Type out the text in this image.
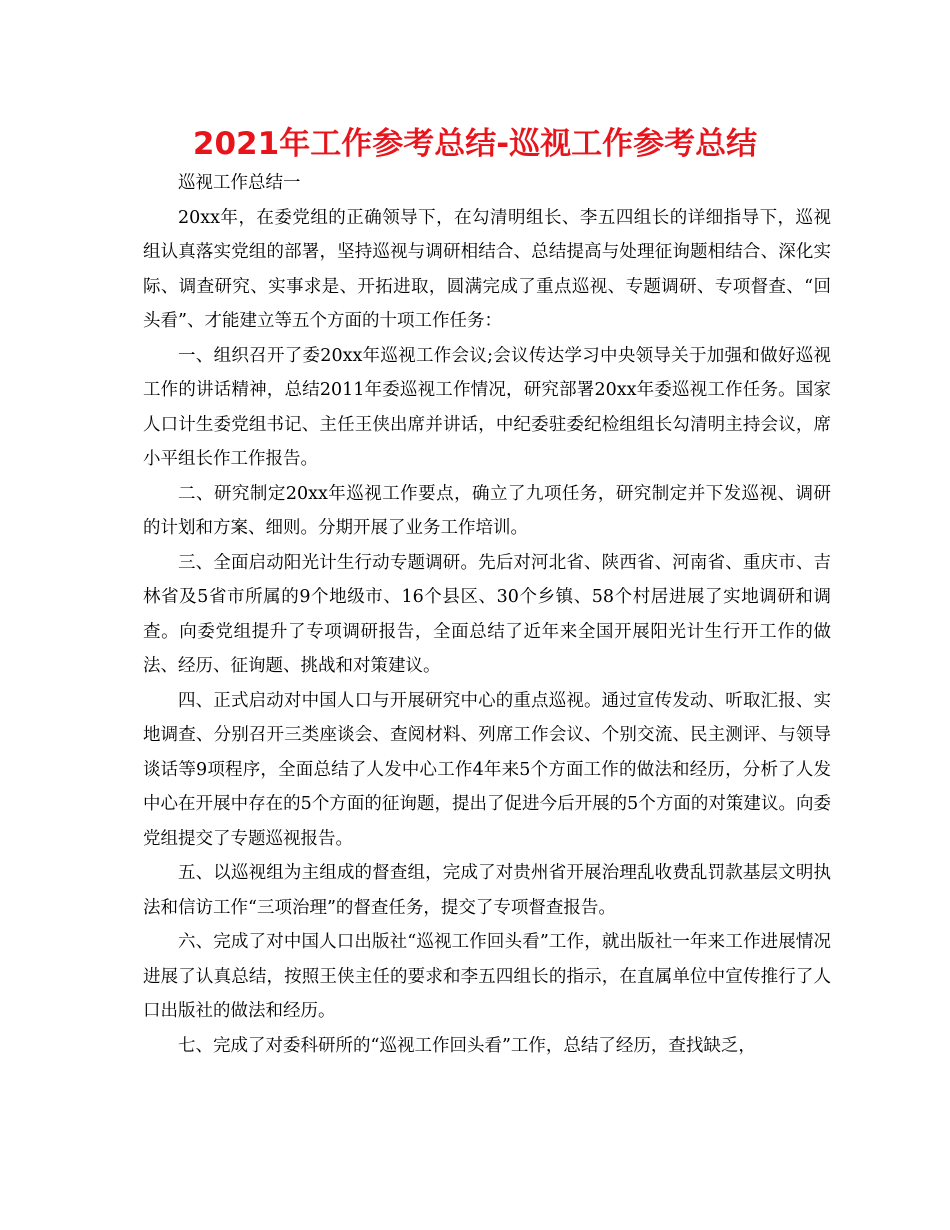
2021年工作参考总结-巡视工作参考总结

巡视工作总结一

20xx年，在委党组的正确领导下，在勾清明组长、李五四组长的详细指导下，巡视组认真落实党组的部署，坚持巡视与调研相结合、总结提高与处理征询题相结合、深化实际、调查研究、实事求是、开拓进取，圆满完成了重点巡视、专题调研、专项督查、“回头看”、才能建立等五个方面的十项工作任务：

一、组织召开了委20xx年巡视工作会议;会议传达学习中央领导关于加强和做好巡视工作的讲话精神，总结2011年委巡视工作情况，研究部署20xx年委巡视工作任务。国家人口计生委党组书记、主任王侠出席并讲话，中纪委驻委纪检组组长勾清明主持会议，席小平组长作工作报告。

二、研究制定20xx年巡视工作要点，确立了九项任务，研究制定并下发巡视、调研的计划和方案、细则。分期开展了业务工作培训。

三、全面启动阳光计生行动专题调研。先后对河北省、陕西省、河南省、重庆市、吉林省及5省市所属的9个地级市、16个县区、30个乡镇、58个村居进展了实地调研和调查。向委党组提升了专项调研报告，全面总结了近年来全国开展阳光计生行开工作的做法、经历、征询题、挑战和对策建议。

四、正式启动对中国人口与开展研究中心的重点巡视。通过宣传发动、听取汇报、实地调查、分别召开三类座谈会、查阅材料、列席工作会议、个别交流、民主测评、与领导谈话等9项程序，全面总结了人发中心工作4年来5个方面工作的做法和经历，分析了人发中心在开展中存在的5个方面的征询题，提出了促进今后开展的5个方面的对策建议。向委党组提交了专题巡视报告。

五、以巡视组为主组成的督查组，完成了对贵州省开展治理乱收费乱罚款基层文明执法和信访工作“三项治理”的督查任务，提交了专项督查报告。

六、完成了对中国人口出版社“巡视工作回头看”工作，就出版社一年来工作进展情况进展了认真总结，按照王侠主任的要求和李五四组长的指示，在直属单位中宣传推行了人口出版社的做法和经历。

七、完成了对委科研所的“巡视工作回头看”工作，总结了经历，查找缺乏，
